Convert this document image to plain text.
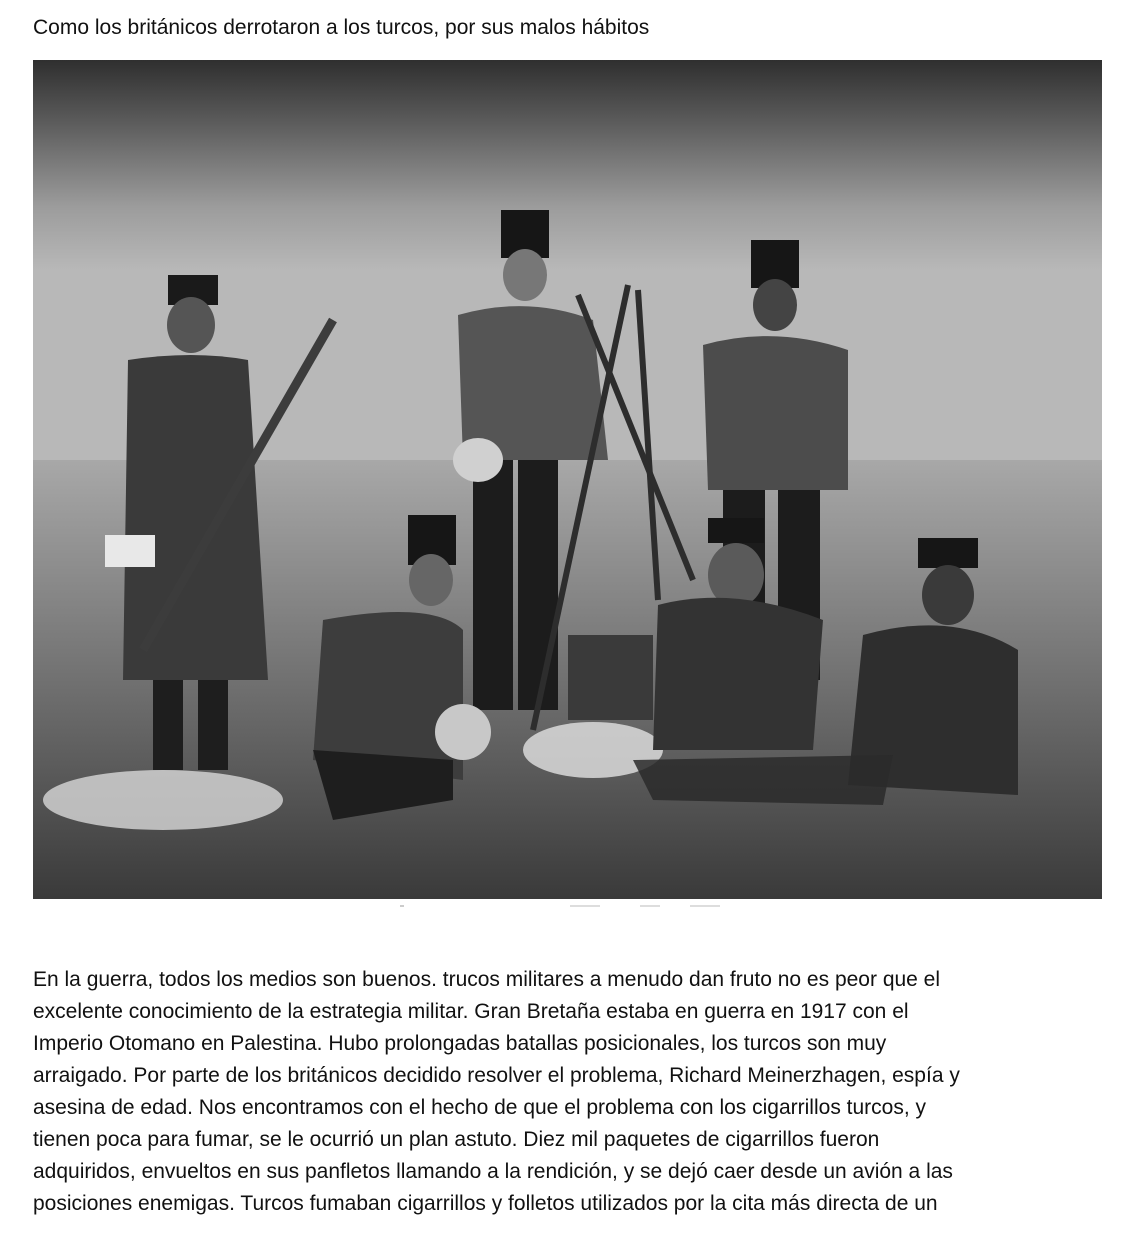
Como los británicos derrotaron a los turcos, por sus malos hábitos
En la guerra, todos los medios son buenos. trucos militares a menudo dan fruto no es peor que el
excelente conocimiento de la estrategia militar. Gran Bretaña estaba en guerra en 1917 con el
Imperio Otomano en Palestina. Hubo prolongadas batallas posicionales, los turcos son muy
arraigado. Por parte de los británicos decidido resolver el problema, Richard Meinerzhagen, espía y
asesina de edad. Nos encontramos con el hecho de que el problema con los cigarrillos turcos, y
tienen poca para fumar, se le ocurrió un plan astuto. Diez mil paquetes de cigarrillos fueron
adquiridos, envueltos en sus panfletos llamando a la rendición, y se dejó caer desde un avión a las
posiciones enemigas. Turcos fumaban cigarrillos y folletos utilizados por la cita más directa de un
